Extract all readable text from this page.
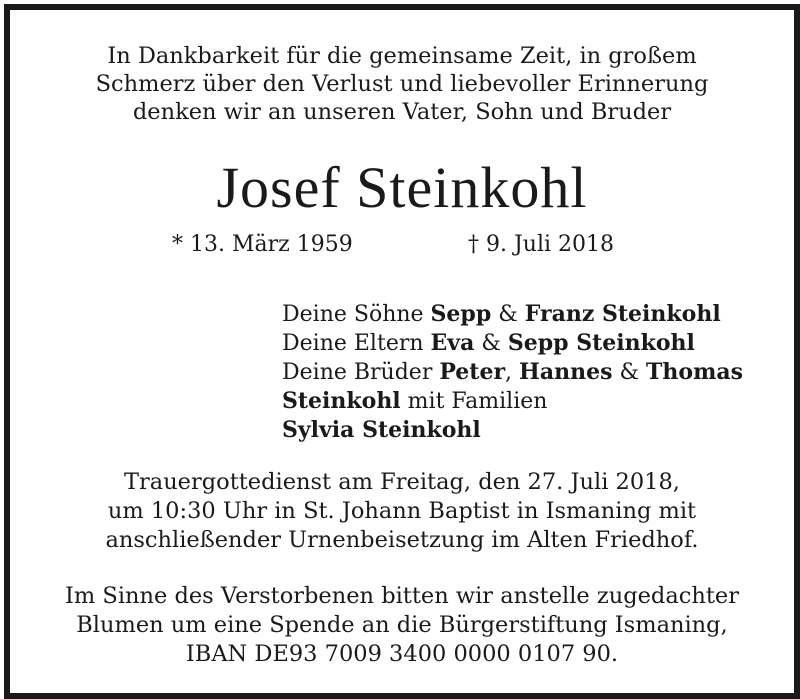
In Dankbarkeit für die gemeinsame Zeit, in großem
Schmerz über den Verlust und liebevoller Erinnerung
denken wir an unseren Vater, Sohn und Bruder
Josef Steinkohl
* 13. März 1959	† 9. Juli 2018
Deine Söhne Sepp & Franz Steinkohl
Deine Eltern Eva & Sepp Steinkohl
Deine Brüder Peter, Hannes & Thomas
Steinkohl mit Familien
Sylvia Steinkohl
Trauergottedienst am Freitag, den 27. Juli 2018,
um 10:30 Uhr in St. Johann Baptist in Ismaning mit
anschließender Urnenbeisetzung im Alten Friedhof.
Im Sinne des Verstorbenen bitten wir anstelle zugedachter
Blumen um eine Spende an die Bürgerstiftung Ismaning,
IBAN DE93 7009 3400 0000 0107 90.
